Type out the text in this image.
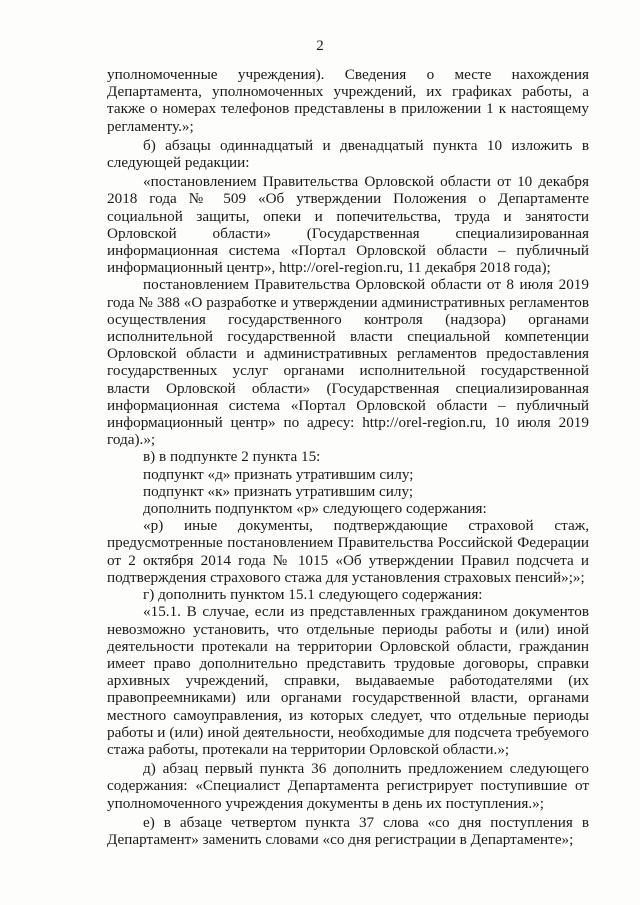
2

уполномоченные учреждения). Сведения о месте нахождения Департамента, уполномоченных учреждений, их графиках работы, а также о номерах телефонов представлены в приложении 1 к настоящему регламенту.»;

б) абзацы одиннадцатый и двенадцатый пункта 10 изложить в следующей редакции:

«постановлением Правительства Орловской области от 10 декабря 2018 года № 509 «Об утверждении Положения о Департаменте социальной защиты, опеки и попечительства, труда и занятости Орловской области» (Государственная специализированная информационная система «Портал Орловской области – публичный информационный центр», http://orel-region.ru, 11 декабря 2018 года);

постановлением Правительства Орловской области от 8 июля 2019 года № 388 «О разработке и утверждении административных регламентов осуществления государственного контроля (надзора) органами исполнительной государственной власти специальной компетенции Орловской области и административных регламентов предоставления государственных услуг органами исполнительной государственной власти Орловской области» (Государственная специализированная информационная система «Портал Орловской области – публичный информационный центр» по адресу: http://orel-region.ru, 10 июля 2019 года).»;

в) в подпункте 2 пункта 15:

подпункт «д» признать утратившим силу;

подпункт «к» признать утратившим силу;

дополнить подпунктом «р» следующего содержания:

«р) иные документы, подтверждающие страховой стаж, предусмотренные постановлением Правительства Российской Федерации от 2 октября 2014 года № 1015 «Об утверждении Правил подсчета и подтверждения страхового стажа для установления страховых пенсий»;»;

г) дополнить пунктом 15.1 следующего содержания:

«15.1. В случае, если из представленных гражданином документов невозможно установить, что отдельные периоды работы и (или) иной деятельности протекали на территории Орловской области, гражданин имеет право дополнительно представить трудовые договоры, справки архивных учреждений, справки, выдаваемые работодателями (их правопреемниками) или органами государственной власти, органами местного самоуправления, из которых следует, что отдельные периоды работы и (или) иной деятельности, необходимые для подсчета требуемого стажа работы, протекали на территории Орловской области.»;

д) абзац первый пункта 36 дополнить предложением следующего содержания: «Специалист Департамента регистрирует поступившие от уполномоченного учреждения документы в день их поступления.»;

е) в абзаце четвертом пункта 37 слова «со дня поступления в Департамент» заменить словами «со дня регистрации в Департаменте»;
